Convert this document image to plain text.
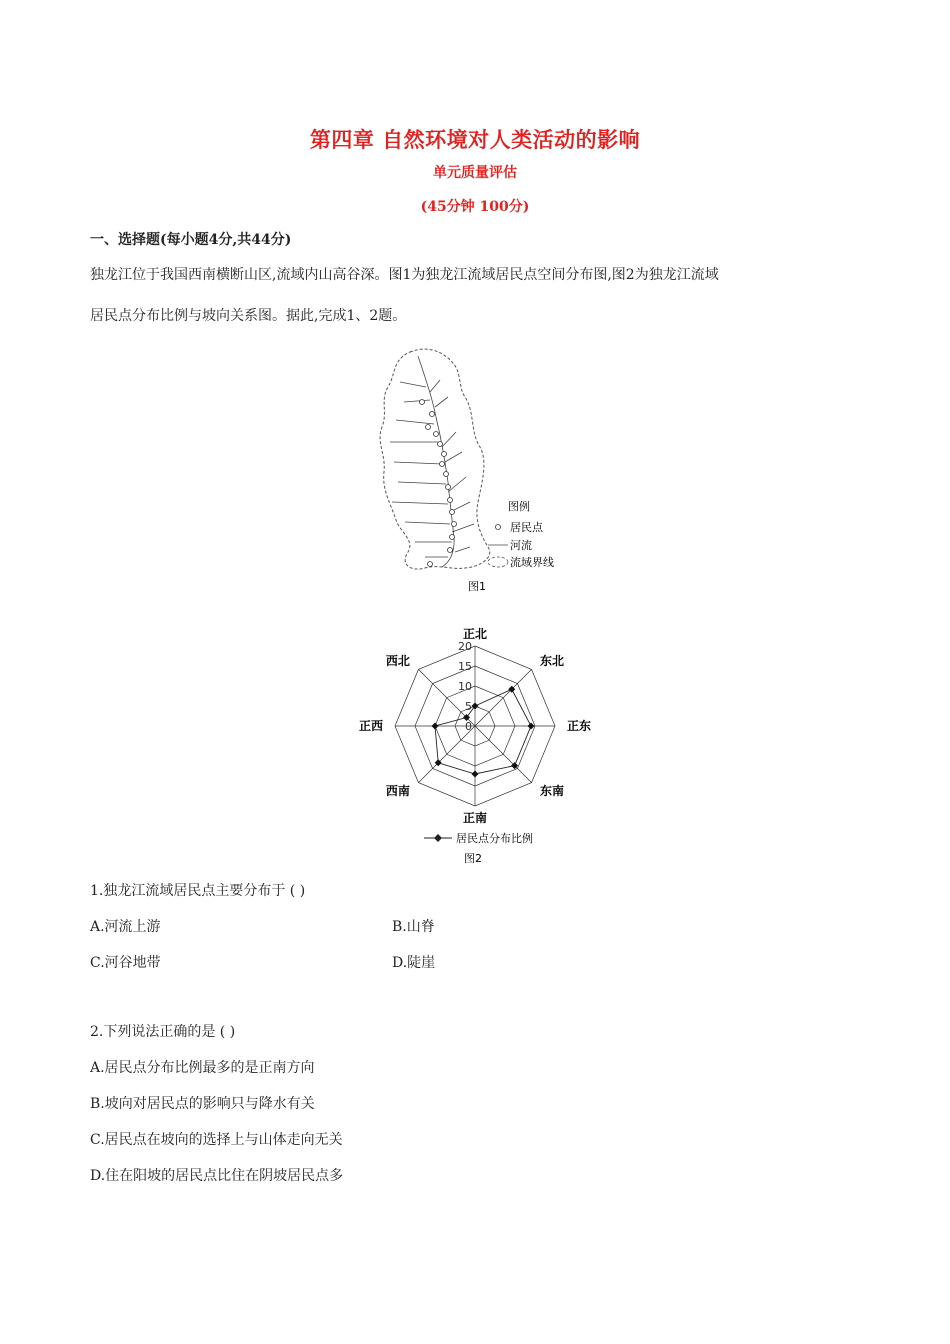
第四章 自然环境对人类活动的影响
单元质量评估
(45分钟 100分)
一、选择题(每小题4分,共44分)
独龙江位于我国西南横断山区,流域内山高谷深。图1为独龙江流域居民点空间分布图,图2为独龙江流域
居民点分布比例与坡向关系图。据此,完成1、2题。
图例
居民点
河流
流域界线
图1
0
5
10
15
20
正北
东北
正东
东南
正南
西南
正西
西北
居民点分布比例
图2
1.独龙江流域居民点主要分布于 ( )
A.河流上游	B.山脊
C.河谷地带	D.陡崖
2.下列说法正确的是 ( )
A.居民点分布比例最多的是正南方向
B.坡向对居民点的影响只与降水有关
C.居民点在坡向的选择上与山体走向无关
D.住在阳坡的居民点比住在阴坡居民点多
